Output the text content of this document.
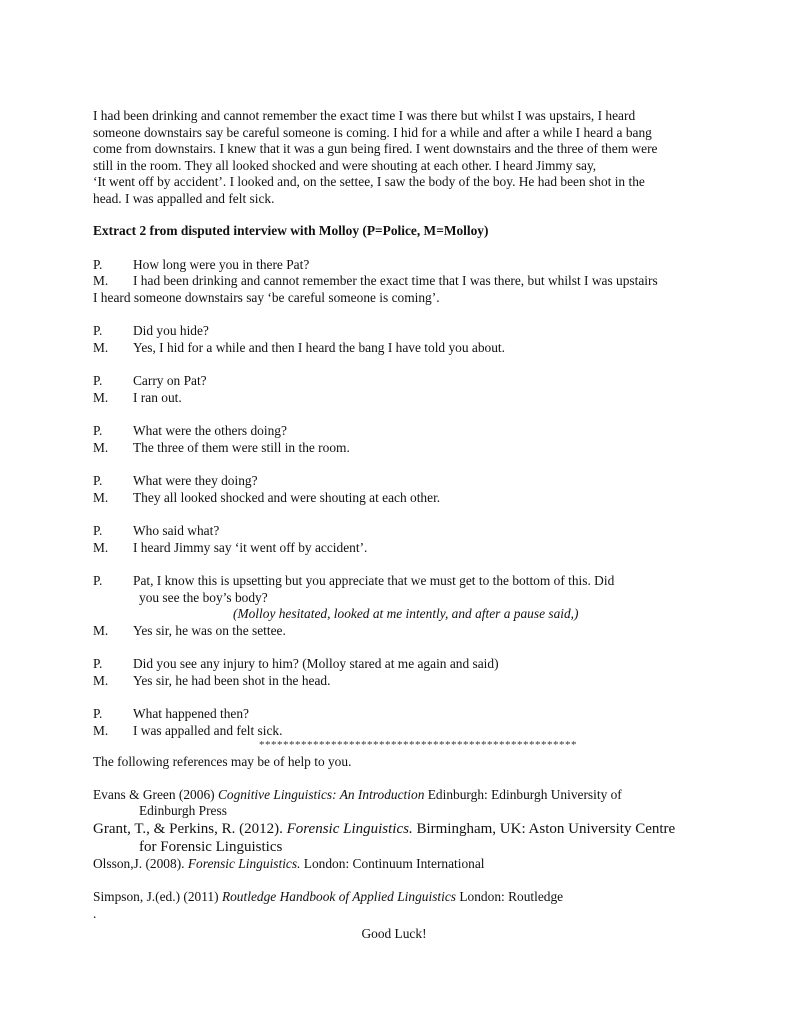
I had been drinking and cannot remember the exact time I was there but whilst I was upstairs, I heard

someone downstairs say be careful someone is coming. I hid for a while and after a while I heard a bang

come from downstairs. I knew that it was a gun being fired. I went downstairs and the three of them were

still in the room. They all looked shocked and were shouting at each other. I heard Jimmy say,

‘It went off by accident’. I looked and, on the settee, I saw the body of the boy. He had been shot in the

head. I was appalled and felt sick.

Extract 2 from disputed interview with Molloy (P=Police, M=Molloy)

P.	How long were you in there Pat?
M.	I had been drinking and cannot remember the exact time that I was there, but whilst I was upstairs
I heard someone downstairs say ‘be careful someone is coming’.
P.	Did you hide?
M.	Yes, I hid for a while and then I heard the bang I have told you about.
P.	Carry on Pat?
M.	I ran out.
P.	What were the others doing?
M.	The three of them were still in the room.
P.	What were they doing?
M.	They all looked shocked and were shouting at each other.
P.	Who said what?
M.	I heard Jimmy say ‘it went off by accident’.
P.	Pat, I know this is upsetting but you appreciate that we must get to the bottom of this. Did
you see the boy’s body?
(Molloy hesitated, looked at me intently, and after a pause said,)
M.	Yes sir, he was on the settee.
P.	Did you see any injury to him? (Molloy stared at me again and said)
M.	Yes sir, he had been shot in the head.
P.	What happened then?
M.	I was appalled and felt sick.
*****************************************************

The following references may be of help to you.

Evans & Green (2006) Cognitive Linguistics: An Introduction Edinburgh: Edinburgh University of
Edinburgh Press
Grant, T., & Perkins, R. (2012). Forensic Linguistics. Birmingham, UK: Aston University Centre
for Forensic Linguistics
Olsson,J. (2008). Forensic Linguistics. London: Continuum International
Simpson, J.(ed.) (2011) Routledge Handbook of Applied Linguistics London: Routledge

.

Good Luck!
